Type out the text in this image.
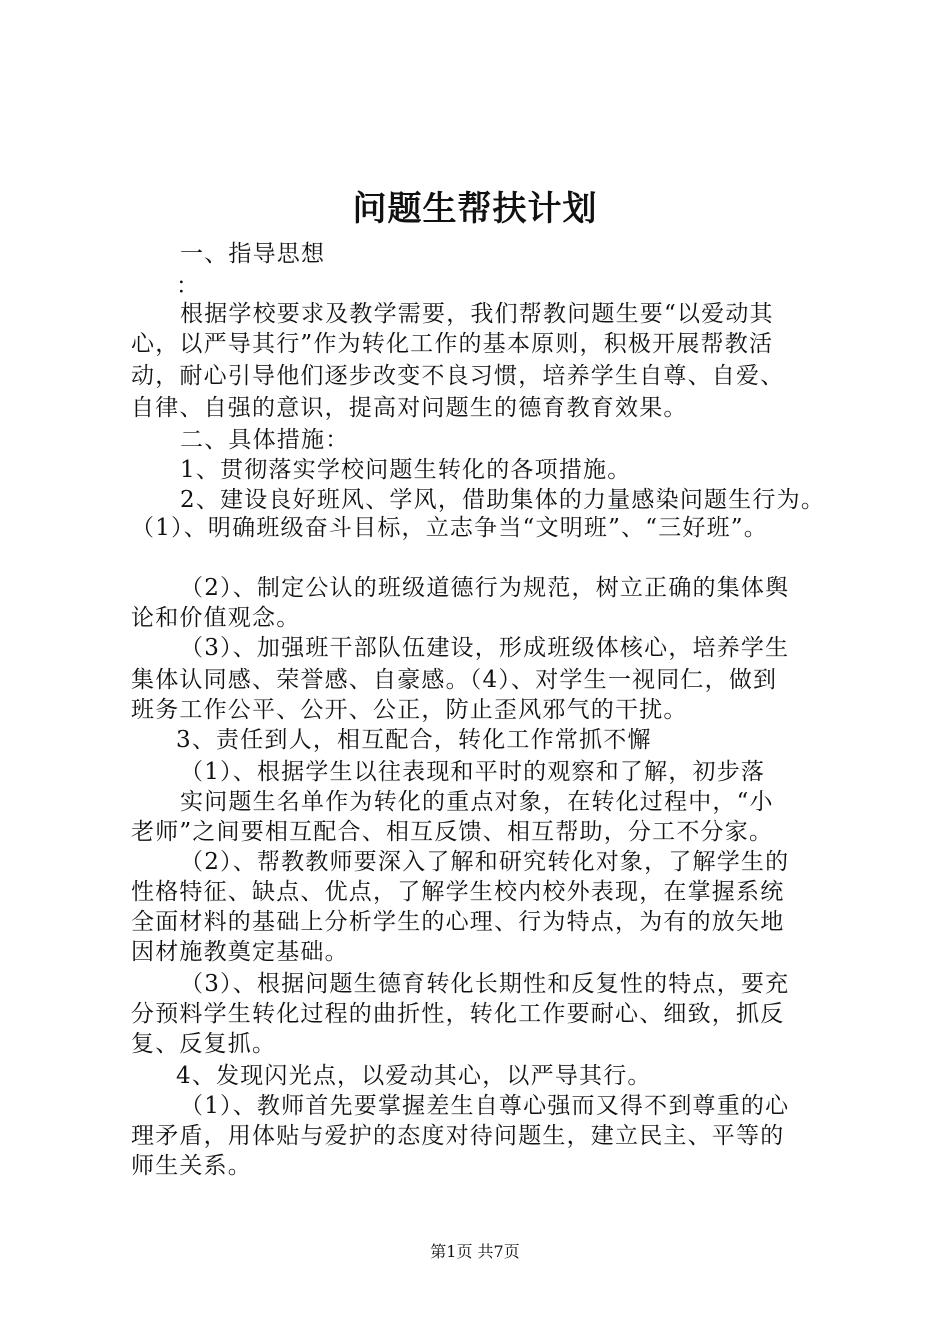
问题生帮扶计划
一、指导思想
：
根据学校要求及教学需要，我们帮教问题生要“以爱动其
心，以严导其行”作为转化工作的基本原则，积极开展帮教活
动，耐心引导他们逐步改变不良习惯，培养学生自尊、自爱、
自律、自强的意识，提高对问题生的德育教育效果。
二、具体措施：
1、贯彻落实学校问题生转化的各项措施。
2、建设良好班风、学风，借助集体的力量感染问题生行为。
（1）、明确班级奋斗目标，立志争当“文明班”、“三好班”。
（2）、制定公认的班级道德行为规范，树立正确的集体舆
论和价值观念。
（3）、加强班干部队伍建设，形成班级体核心，培养学生
集体认同感、荣誉感、自豪感。（4）、对学生一视同仁，做到
班务工作公平、公开、公正，防止歪风邪气的干扰。
3、责任到人，相互配合，转化工作常抓不懈
（1）、根据学生以往表现和平时的观察和了解，初步落
实问题生名单作为转化的重点对象，在转化过程中，“小
老师”之间要相互配合、相互反馈、相互帮助，分工不分家。
（2）、帮教教师要深入了解和研究转化对象，了解学生的
性格特征、缺点、优点，了解学生校内校外表现，在掌握系统
全面材料的基础上分析学生的心理、行为特点，为有的放矢地
因材施教奠定基础。
（3）、根据问题生德育转化长期性和反复性的特点，要充
分预料学生转化过程的曲折性，转化工作要耐心、细致，抓反
复、反复抓。
4、发现闪光点，以爱动其心，以严导其行。
（1）、教师首先要掌握差生自尊心强而又得不到尊重的心
理矛盾，用体贴与爱护的态度对待问题生，建立民主、平等的
师生关系。
第1页 共7页
